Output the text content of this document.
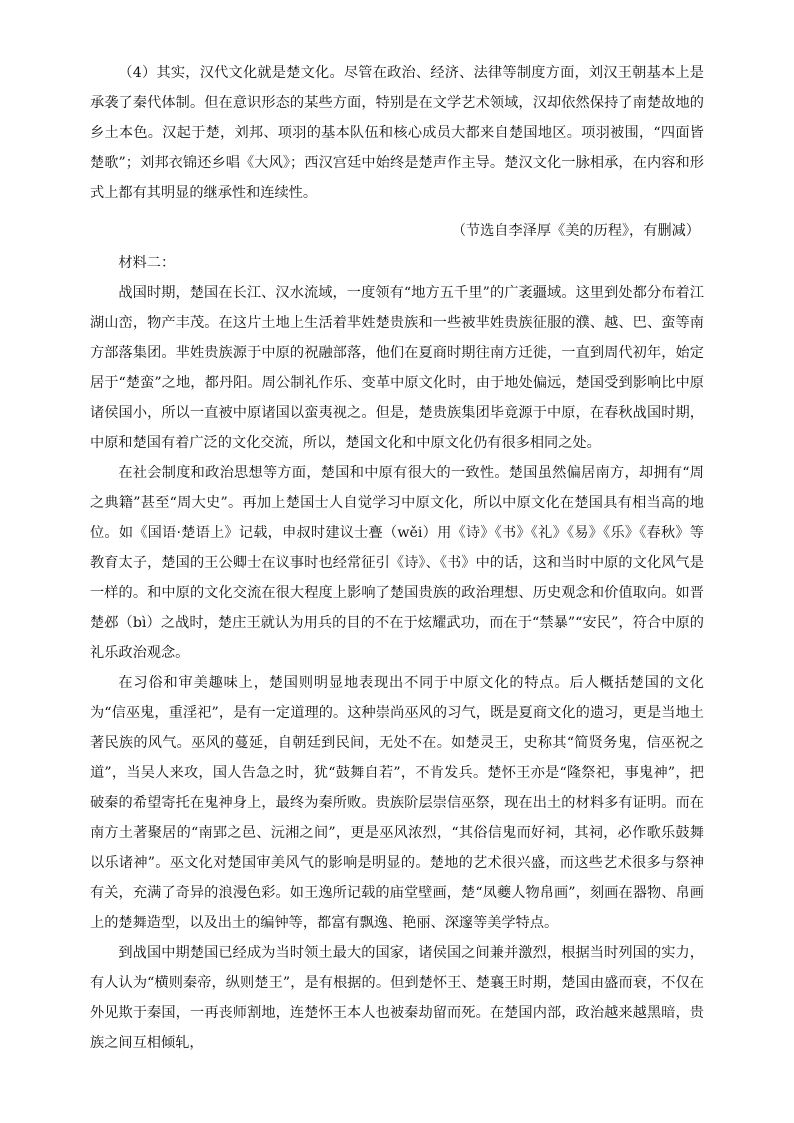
（4）其实，汉代文化就是楚文化。尽管在政治、经济、法律等制度方面，刘汉王朝基本上是承袭了秦代体制。但在意识形态的某些方面，特别是在文学艺术领域，汉却依然保持了南楚故地的乡土本色。汉起于楚，刘邦、项羽的基本队伍和核心成员大都来自楚国地区。项羽被围，“四面皆楚歌”；刘邦衣锦还乡唱《大风》；西汉宫廷中始终是楚声作主导。楚汉文化一脉相承，在内容和形式上都有其明显的继承性和连续性。

（节选自李泽厚《美的历程》，有删减）

材料二：

战国时期，楚国在长江、汉水流域，一度领有“地方五千里”的广袤疆域。这里到处都分布着江湖山峦，物产丰茂。在这片土地上生活着芈姓楚贵族和一些被芈姓贵族征服的濮、越、巴、蛮等南方部落集团。芈姓贵族源于中原的祝融部落，他们在夏商时期往南方迁徙，一直到周代初年，始定居于“楚蛮”之地，都丹阳。周公制礼作乐、变革中原文化时，由于地处偏远，楚国受到影响比中原诸侯国小，所以一直被中原诸国以蛮夷视之。但是，楚贵族集团毕竟源于中原，在春秋战国时期，中原和楚国有着广泛的文化交流，所以，楚国文化和中原文化仍有很多相同之处。

在社会制度和政治思想等方面，楚国和中原有很大的一致性。楚国虽然偏居南方，却拥有“周之典籍”甚至“周大史”。再加上楚国士人自觉学习中原文化，所以中原文化在楚国具有相当高的地位。如《国语·楚语上》记载，申叔时建议士亹（wěi）用《诗》《书》《礼》《易》《乐》《春秋》等教育太子，楚国的王公卿士在议事时也经常征引《诗》、《书》中的话，这和当时中原的文化风气是一样的。和中原的文化交流在很大程度上影响了楚国贵族的政治理想、历史观念和价值取向。如晋楚邲（bì）之战时，楚庄王就认为用兵的目的不在于炫耀武功，而在于“禁暴”“安民”，符合中原的礼乐政治观念。

在习俗和审美趣味上，楚国则明显地表现出不同于中原文化的特点。后人概括楚国的文化为“信巫鬼，重淫祀”，是有一定道理的。这种崇尚巫风的习气，既是夏商文化的遗习，更是当地土著民族的风气。巫风的蔓延，自朝廷到民间，无处不在。如楚灵王，史称其“简贤务鬼，信巫祝之道”，当吴人来攻，国人告急之时，犹“鼓舞自若”，不肯发兵。楚怀王亦是“隆祭祀，事鬼神”，把破秦的希望寄托在鬼神身上，最终为秦所败。贵族阶层崇信巫祭，现在出土的材料多有证明。而在南方土著聚居的“南郢之邑、沅湘之间”，更是巫风浓烈，“其俗信鬼而好祠，其祠，必作歌乐鼓舞以乐诸神”。巫文化对楚国审美风气的影响是明显的。楚地的艺术很兴盛，而这些艺术很多与祭神有关，充满了奇异的浪漫色彩。如王逸所记载的庙堂壁画，楚“凤夔人物帛画”，刻画在器物、帛画上的楚舞造型，以及出土的编钟等，都富有飘逸、艳丽、深邃等美学特点。

到战国中期楚国已经成为当时领土最大的国家，诸侯国之间兼并激烈，根据当时列国的实力，有人认为“横则秦帝，纵则楚王”，是有根据的。但到楚怀王、楚襄王时期，楚国由盛而衰，不仅在外见欺于秦国，一再丧师割地，连楚怀王本人也被秦劫留而死。在楚国内部，政治越来越黑暗，贵族之间互相倾轧，
